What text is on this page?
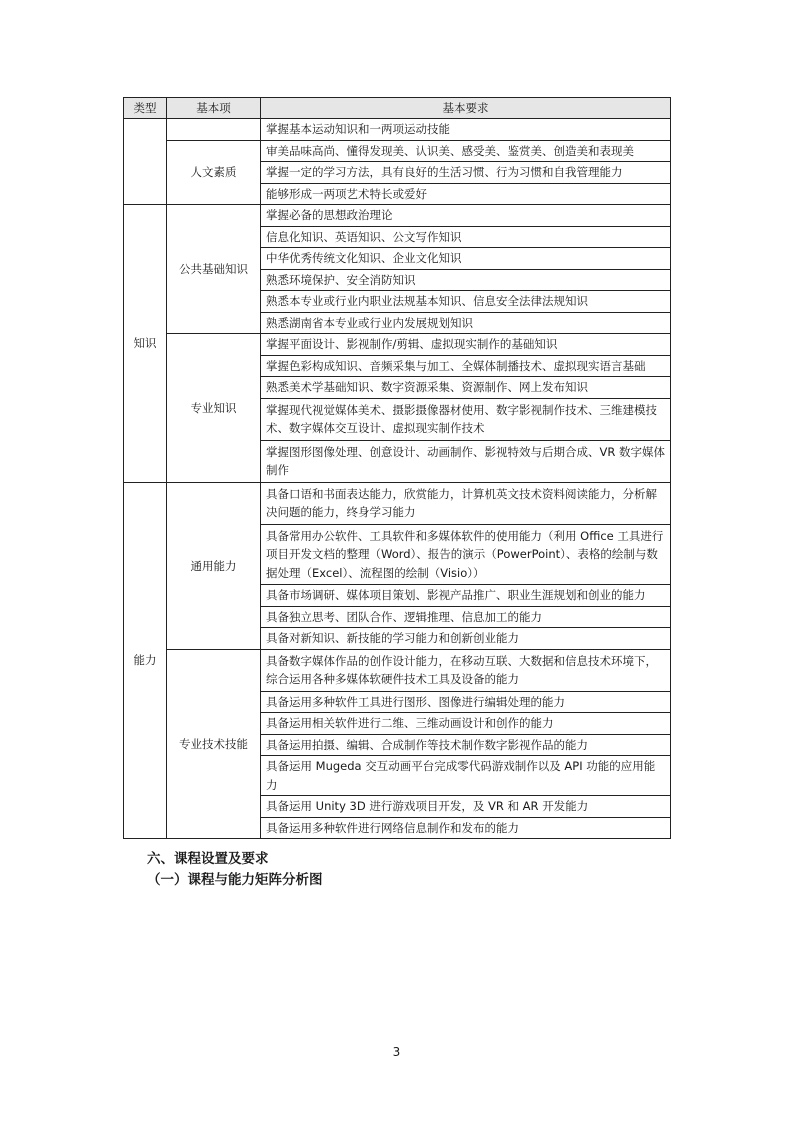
类型	基本项	基本要求
		掌握基本运动知识和一两项运动技能
	人文素质	审美品味高尚、懂得发现美、认识美、感受美、鉴赏美、创造美和表现美
		掌握一定的学习方法，具有良好的生活习惯、行为习惯和自我管理能力
		能够形成一两项艺术特长或爱好
知识	公共基础知识	掌握必备的思想政治理论
		信息化知识、英语知识、公文写作知识
		中华优秀传统文化知识、企业文化知识
		熟悉环境保护、安全消防知识
		熟悉本专业或行业内职业法规基本知识、信息安全法律法规知识
		熟悉湖南省本专业或行业内发展规划知识
	专业知识	掌握平面设计、影视制作/剪辑、虚拟现实制作的基础知识
		掌握色彩构成知识、音频采集与加工、全媒体制播技术、虚拟现实语言基础
		熟悉美术学基础知识、数字资源采集、资源制作、网上发布知识
		掌握现代视觉媒体美术、摄影摄像器材使用、数字影视制作技术、三维建模技术、数字媒体交互设计、虚拟现实制作技术
		掌握图形图像处理、创意设计、动画制作、影视特效与后期合成、VR 数字媒体制作
能力	通用能力	具备口语和书面表达能力，欣赏能力，计算机英文技术资料阅读能力，分析解决问题的能力，终身学习能力
		具备常用办公软件、工具软件和多媒体软件的使用能力（利用 Office 工具进行项目开发文档的整理（Word）、报告的演示（PowerPoint）、表格的绘制与数据处理（Excel）、流程图的绘制（Visio））
		具备市场调研、媒体项目策划、影视产品推广、职业生涯规划和创业的能力
		具备独立思考、团队合作、逻辑推理、信息加工的能力
		具备对新知识、新技能的学习能力和创新创业能力
	专业技术技能	具备数字媒体作品的创作设计能力，在移动互联、大数据和信息技术环境下，综合运用各种多媒体软硬件技术工具及设备的能力
		具备运用多种软件工具进行图形、图像进行编辑处理的能力
		具备运用相关软件进行二维、三维动画设计和创作的能力
		具备运用拍摄、编辑、合成制作等技术制作数字影视作品的能力
		具备运用 Mugeda 交互动画平台完成零代码游戏制作以及 API 功能的应用能力
		具备运用 Unity 3D 进行游戏项目开发，及 VR 和 AR 开发能力
		具备运用多种软件进行网络信息制作和发布的能力
六、课程设置及要求
（一）课程与能力矩阵分析图
3
